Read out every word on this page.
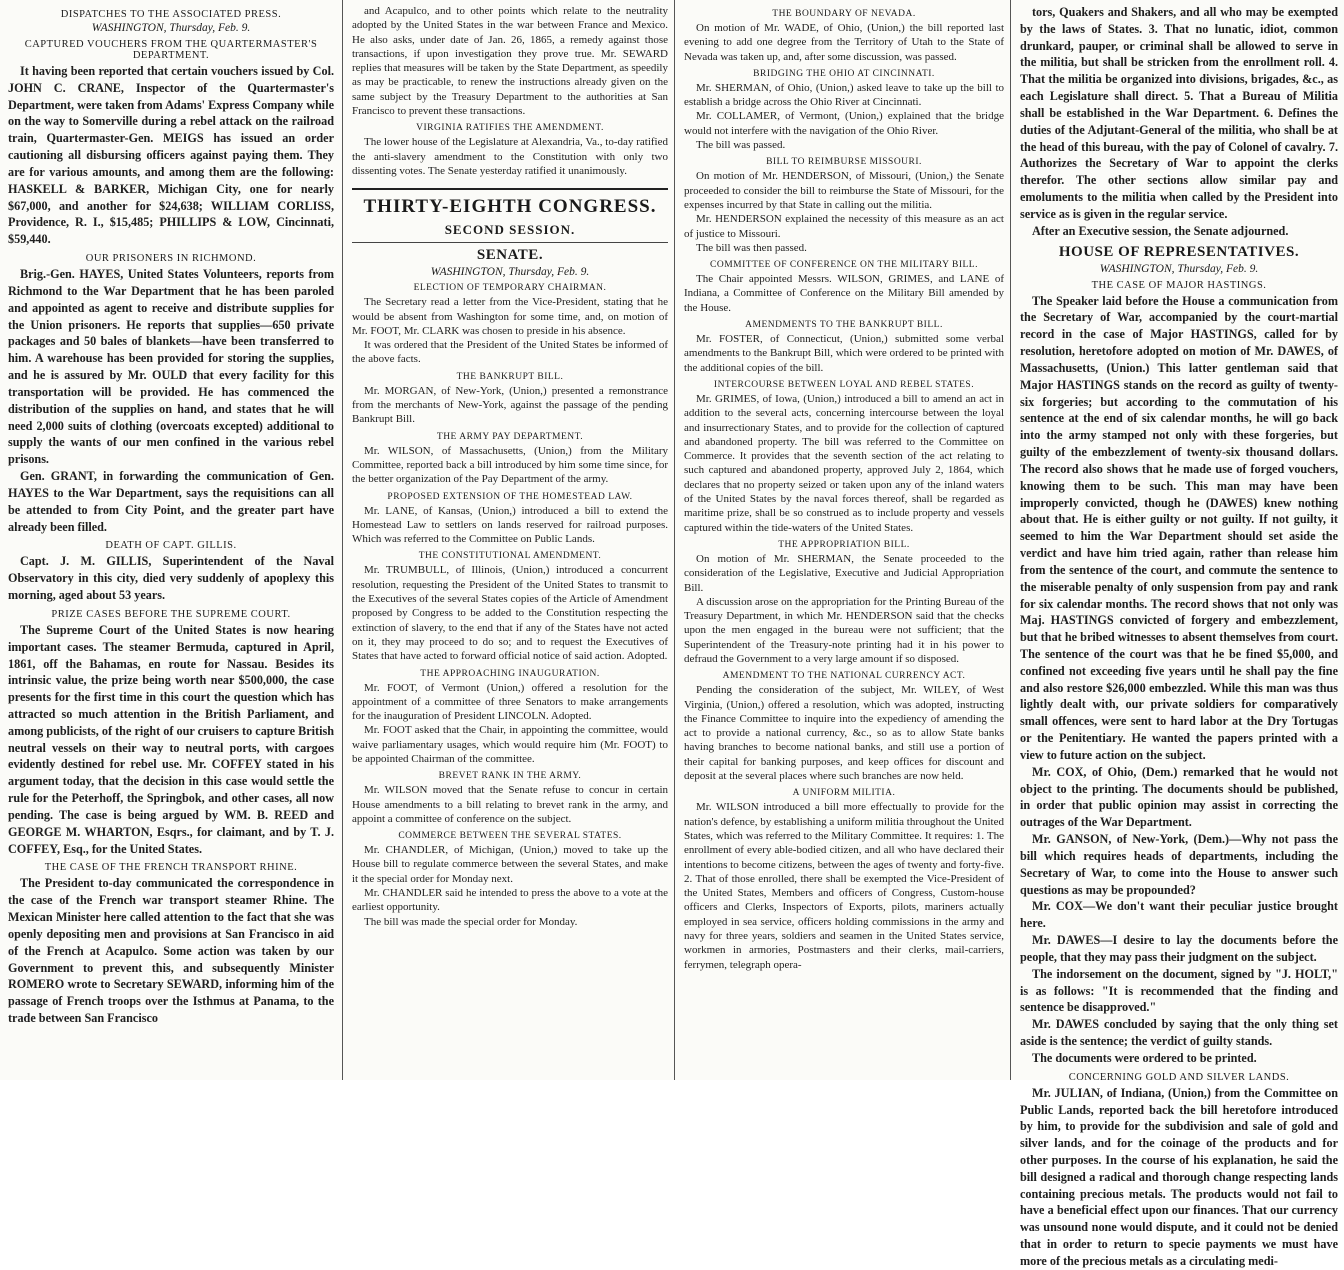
DISPATCHES TO THE ASSOCIATED PRESS.
WASHINGTON, Thursday, Feb. 9.
CAPTURED VOUCHERS FROM THE QUARTERMASTER'S DEPARTMENT.

It having been reported that certain vouchers issued by Col. JOHN C. CRANE, Inspector of the Quartermaster's Department, were taken from Adams' Express Company while on the way to Somerville during a rebel attack on the railroad train, Quartermaster-Gen. MEIGS has issued an order cautioning all disbursing officers against paying them. They are for various amounts, and among them are the following: HASKELL & BARKER, Michigan City, one for nearly $67,000, and another for $24,638; WILLIAM CORLISS, Providence, R. I., $15,485; PHILLIPS & LOW, Cincinnati, $59,440.

OUR PRISONERS IN RICHMOND.

Brig.-Gen. HAYES, United States Volunteers, reports from Richmond to the War Department that he has been paroled and appointed as agent to receive and distribute supplies for the Union prisoners. He reports that supplies—650 private packages and 50 bales of blankets—have been transferred to him. A warehouse has been provided for storing the supplies, and he is assured by Mr. OULD that every facility for this transportation will be provided. He has commenced the distribution of the supplies on hand, and states that he will need 2,000 suits of clothing (overcoats excepted) additional to supply the wants of our men confined in the various rebel prisons.

Gen. GRANT, in forwarding the communication of Gen. HAYES to the War Department, says the requisitions can all be attended to from City Point, and the greater part have already been filled.

DEATH OF CAPT. GILLIS.

Capt. J. M. GILLIS, Superintendent of the Naval Observatory in this city, died very suddenly of apoplexy this morning, aged about 53 years.

PRIZE CASES BEFORE THE SUPREME COURT.

The Supreme Court of the United States is now hearing important cases. The steamer Bermuda, captured in April, 1861, off the Bahamas, en route for Nassau. Besides its intrinsic value, the prize being worth near $500,000, the case presents for the first time in this court the question which has attracted so much attention in the British Parliament, and among publicists, of the right of our cruisers to capture British neutral vessels on their way to neutral ports, with cargoes evidently destined for rebel use. Mr. COFFEY stated in his argument today, that the decision in this case would settle the rule for the Peterhoff, the Springbok, and other cases, all now pending. The case is being argued by WM. B. REED and GEORGE M. WHARTON, Esqrs., for claimant, and by T. J. COFFEY, Esq., for the United States.

THE CASE OF THE FRENCH TRANSPORT RHINE.

The President to-day communicated the correspondence in the case of the French war transport steamer Rhine. The Mexican Minister here called attention to the fact that she was openly depositing men and provisions at San Francisco in aid of the French at Acapulco. Some action was taken by our Government to prevent this, and subsequently Minister ROMERO wrote to Secretary SEWARD, informing him of the passage of French troops over the Isthmus at Panama, to the trade between San Francisco

and Acapulco, and to other points which relate to the neutrality adopted by the United States in the war between France and Mexico. He also asks, under date of Jan. 26, 1865, a remedy against those transactions, if upon investigation they prove true. Mr. SEWARD replies that measures will be taken by the State Department, as speedily as may be practicable, to renew the instructions already given on the same subject by the Treasury Department to the authorities at San Francisco to prevent these transactions.

VIRGINIA RATIFIES THE AMENDMENT.

The lower house of the Legislature at Alexandria, Va., to-day ratified the anti-slavery amendment to the Constitution with only two dissenting votes. The Senate yesterday ratified it unanimously.

THIRTY-EIGHTH CONGRESS.
SECOND SESSION.
SENATE.
WASHINGTON, Thursday, Feb. 9.
ELECTION OF TEMPORARY CHAIRMAN.

The Secretary read a letter from the Vice-President, stating that he would be absent from Washington for some time, and, on motion of Mr. FOOT, Mr. CLARK was chosen to preside in his absence.

It was ordered that the President of the United States be informed of the above facts.

THE BANKRUPT BILL.

Mr. MORGAN, of New-York, (Union,) presented a remonstrance from the merchants of New-York, against the passage of the pending Bankrupt Bill.

THE ARMY PAY DEPARTMENT.

Mr. WILSON, of Massachusetts, (Union,) from the Military Committee, reported back a bill introduced by him some time since, for the better organization of the Pay Department of the army.

PROPOSED EXTENSION OF THE HOMESTEAD LAW.

Mr. LANE, of Kansas, (Union,) introduced a bill to extend the Homestead Law to settlers on lands reserved for railroad purposes. Which was referred to the Committee on Public Lands.

THE CONSTITUTIONAL AMENDMENT.

Mr. TRUMBULL, of Illinois, (Union,) introduced a concurrent resolution, requesting the President of the United States to transmit to the Executives of the several States copies of the Article of Amendment proposed by Congress to be added to the Constitution respecting the extinction of slavery, to the end that if any of the States have not acted on it, they may proceed to do so; and to request the Executives of States that have acted to forward official notice of said action. Adopted.

THE APPROACHING INAUGURATION.

Mr. FOOT, of Vermont (Union,) offered a resolution for the appointment of a committee of three Senators to make arrangements for the inauguration of President LINCOLN. Adopted.

Mr. FOOT asked that the Chair, in appointing the committee, would waive parliamentary usages, which would require him (Mr. FOOT) to be appointed Chairman of the committee.

BREVET RANK IN THE ARMY.

Mr. WILSON moved that the Senate refuse to concur in certain House amendments to a bill relating to brevet rank in the army, and appoint a committee of conference on the subject.

COMMERCE BETWEEN THE SEVERAL STATES.

Mr. CHANDLER, of Michigan, (Union,) moved to take up the House bill to regulate commerce between the several States, and make it the special order for Monday next.

Mr. CHANDLER said he intended to press the above to a vote at the earliest opportunity.

The bill was made the special order for Monday.

THE BOUNDARY OF NEVADA.

On motion of Mr. WADE, of Ohio, (Union,) the bill reported last evening to add one degree from the Territory of Utah to the State of Nevada was taken up, and, after some discussion, was passed.

BRIDGING THE OHIO AT CINCINNATI.

Mr. SHERMAN, of Ohio, (Union,) asked leave to take up the bill to establish a bridge across the Ohio River at Cincinnati.

Mr. COLLAMER, of Vermont, (Union,) explained that the bridge would not interfere with the navigation of the Ohio River.

The bill was passed.

BILL TO REIMBURSE MISSOURI.

On motion of Mr. HENDERSON, of Missouri, (Union,) the Senate proceeded to consider the bill to reimburse the State of Missouri, for the expenses incurred by that State in calling out the militia.

Mr. HENDERSON explained the necessity of this measure as an act of justice to Missouri.

The bill was then passed.

COMMITTEE OF CONFERENCE ON THE MILITARY BILL.

The Chair appointed Messrs. WILSON, GRIMES, and LANE of Indiana, a Committee of Conference on the Military Bill amended by the House.

AMENDMENTS TO THE BANKRUPT BILL.

Mr. FOSTER, of Connecticut, (Union,) submitted some verbal amendments to the Bankrupt Bill, which were ordered to be printed with the additional copies of the bill.

INTERCOURSE BETWEEN LOYAL AND REBEL STATES.

Mr. GRIMES, of Iowa, (Union,) introduced a bill to amend an act in addition to the several acts, concerning intercourse between the loyal and insurrectionary States, and to provide for the collection of captured and abandoned property. The bill was referred to the Committee on Commerce. It provides that the seventh section of the act relating to such captured and abandoned property, approved July 2, 1864, which declares that no property seized or taken upon any of the inland waters of the United States by the naval forces thereof, shall be regarded as maritime prize, shall be so construed as to include property and vessels captured within the tide-waters of the United States.

THE APPROPRIATION BILL.

On motion of Mr. SHERMAN, the Senate proceeded to the consideration of the Legislative, Executive and Judicial Appropriation Bill.

A discussion arose on the appropriation for the Printing Bureau of the Treasury Department, in which Mr. HENDERSON said that the checks upon the men engaged in the bureau were not sufficient; that the Superintendent of the Treasury-note printing had it in his power to defraud the Government to a very large amount if so disposed.

AMENDMENT TO THE NATIONAL CURRENCY ACT.

Pending the consideration of the subject, Mr. WILEY, of West Virginia, (Union,) offered a resolution, which was adopted, instructing the Finance Committee to inquire into the expediency of amending the act to provide a national currency, &c., so as to allow State banks having branches to become national banks, and still use a portion of their capital for banking purposes, and keep offices for discount and deposit at the several places where such branches are now held.

A UNIFORM MILITIA.

Mr. WILSON introduced a bill more effectually to provide for the nation's defence, by establishing a uniform militia throughout the United States, which was referred to the Military Committee. It requires: 1. The enrollment of every able-bodied citizen, and all who have declared their intentions to become citizens, between the ages of twenty and forty-five. 2. That of those enrolled, there shall be exempted the Vice-President of the United States, Members and officers of Congress, Custom-house officers and Clerks, Inspectors of Exports, pilots, mariners actually employed in sea service, officers holding commissions in the army and navy for three years, soldiers and seamen in the United States service, workmen in armories, Postmasters and their clerks, mail-carriers, ferrymen, telegraph opera-

tors, Quakers and Shakers, and all who may be exempted by the laws of States. 3. That no lunatic, idiot, common drunkard, pauper, or criminal shall be allowed to serve in the militia, but shall be stricken from the enrollment roll. 4. That the militia be organized into divisions, brigades, &c., as each Legislature shall direct. 5. That a Bureau of Militia shall be established in the War Department. 6. Defines the duties of the Adjutant-General of the militia, who shall be at the head of this bureau, with the pay of Colonel of cavalry. 7. Authorizes the Secretary of War to appoint the clerks therefor. The other sections allow similar pay and emoluments to the militia when called by the President into service as is given in the regular service.

After an Executive session, the Senate adjourned.

HOUSE OF REPRESENTATIVES.
WASHINGTON, Thursday, Feb. 9.
THE CASE OF MAJOR HASTINGS.

The Speaker laid before the House a communication from the Secretary of War, accompanied by the court-martial record in the case of Major HASTINGS, called for by resolution, heretofore adopted on motion of Mr. DAWES, of Massachusetts, (Union.) This latter gentleman said that Major HASTINGS stands on the record as guilty of twenty-six forgeries; but according to the commutation of his sentence at the end of six calendar months, he will go back into the army stamped not only with these forgeries, but guilty of the embezzlement of twenty-six thousand dollars. The record also shows that he made use of forged vouchers, knowing them to be such. This man may have been improperly convicted, though he (DAWES) knew nothing about that. He is either guilty or not guilty. If not guilty, it seemed to him the War Department should set aside the verdict and have him tried again, rather than release him from the sentence of the court, and commute the sentence to the miserable penalty of only suspension from pay and rank for six calendar months. The record shows that not only was Maj. HASTINGS convicted of forgery and embezzlement, but that he bribed witnesses to absent themselves from court. The sentence of the court was that he be fined $5,000, and confined not exceeding five years until he shall pay the fine and also restore $26,000 embezzled. While this man was thus lightly dealt with, our private soldiers for comparatively small offences, were sent to hard labor at the Dry Tortugas or the Penitentiary. He wanted the papers printed with a view to future action on the subject.

Mr. COX, of Ohio, (Dem.) remarked that he would not object to the printing. The documents should be published, in order that public opinion may assist in correcting the outrages of the War Department.

Mr. GANSON, of New-York, (Dem.)—Why not pass the bill which requires heads of departments, including the Secretary of War, to come into the House to answer such questions as may be propounded?

Mr. COX—We don't want their peculiar justice brought here.

Mr. DAWES—I desire to lay the documents before the people, that they may pass their judgment on the subject.

The indorsement on the document, signed by "J. HOLT," is as follows: "It is recommended that the finding and sentence be disapproved."

Mr. DAWES concluded by saying that the only thing set aside is the sentence; the verdict of guilty stands.

The documents were ordered to be printed.

CONCERNING GOLD AND SILVER LANDS.

Mr. JULIAN, of Indiana, (Union,) from the Committee on Public Lands, reported back the bill heretofore introduced by him, to provide for the subdivision and sale of gold and silver lands, and for the coinage of the products and for other purposes. In the course of his explanation, he said the bill designed a radical and thorough change respecting lands containing precious metals. The products would not fail to have a beneficial effect upon our finances. That our currency was unsound none would dispute, and it could not be denied that in order to return to specie payments we must have more of the precious metals as a circulating medi-
